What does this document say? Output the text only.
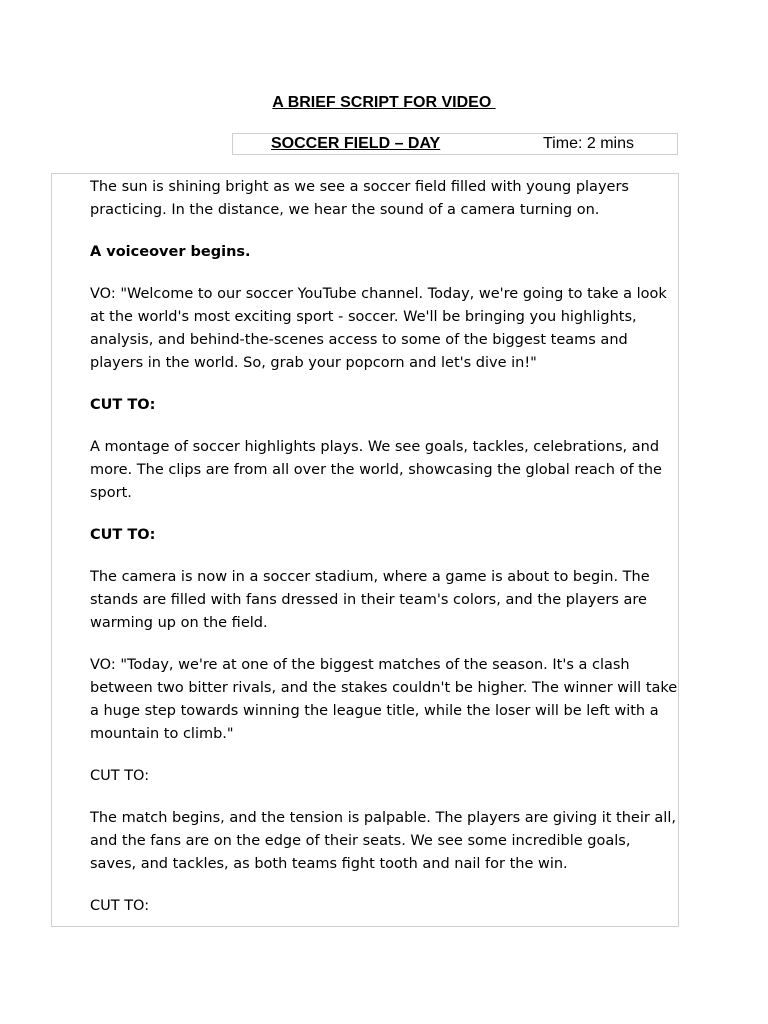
A BRIEF SCRIPT FOR VIDEO
SOCCER FIELD – DAY	Time: 2 mins

The sun is shining bright as we see a soccer field filled with young players practicing. In the distance, we hear the sound of a camera turning on.

A voiceover begins.

VO: "Welcome to our soccer YouTube channel. Today, we're going to take a look at the world's most exciting sport - soccer. We'll be bringing you highlights, analysis, and behind-the-scenes access to some of the biggest teams and players in the world. So, grab your popcorn and let's dive in!"

CUT TO:

A montage of soccer highlights plays. We see goals, tackles, celebrations, and more. The clips are from all over the world, showcasing the global reach of the sport.

CUT TO:

The camera is now in a soccer stadium, where a game is about to begin. The stands are filled with fans dressed in their team's colors, and the players are warming up on the field.

VO: "Today, we're at one of the biggest matches of the season. It's a clash between two bitter rivals, and the stakes couldn't be higher. The winner will take a huge step towards winning the league title, while the loser will be left with a mountain to climb."

CUT TO:

The match begins, and the tension is palpable. The players are giving it their all, and the fans are on the edge of their seats. We see some incredible goals, saves, and tackles, as both teams fight tooth and nail for the win.

CUT TO:
